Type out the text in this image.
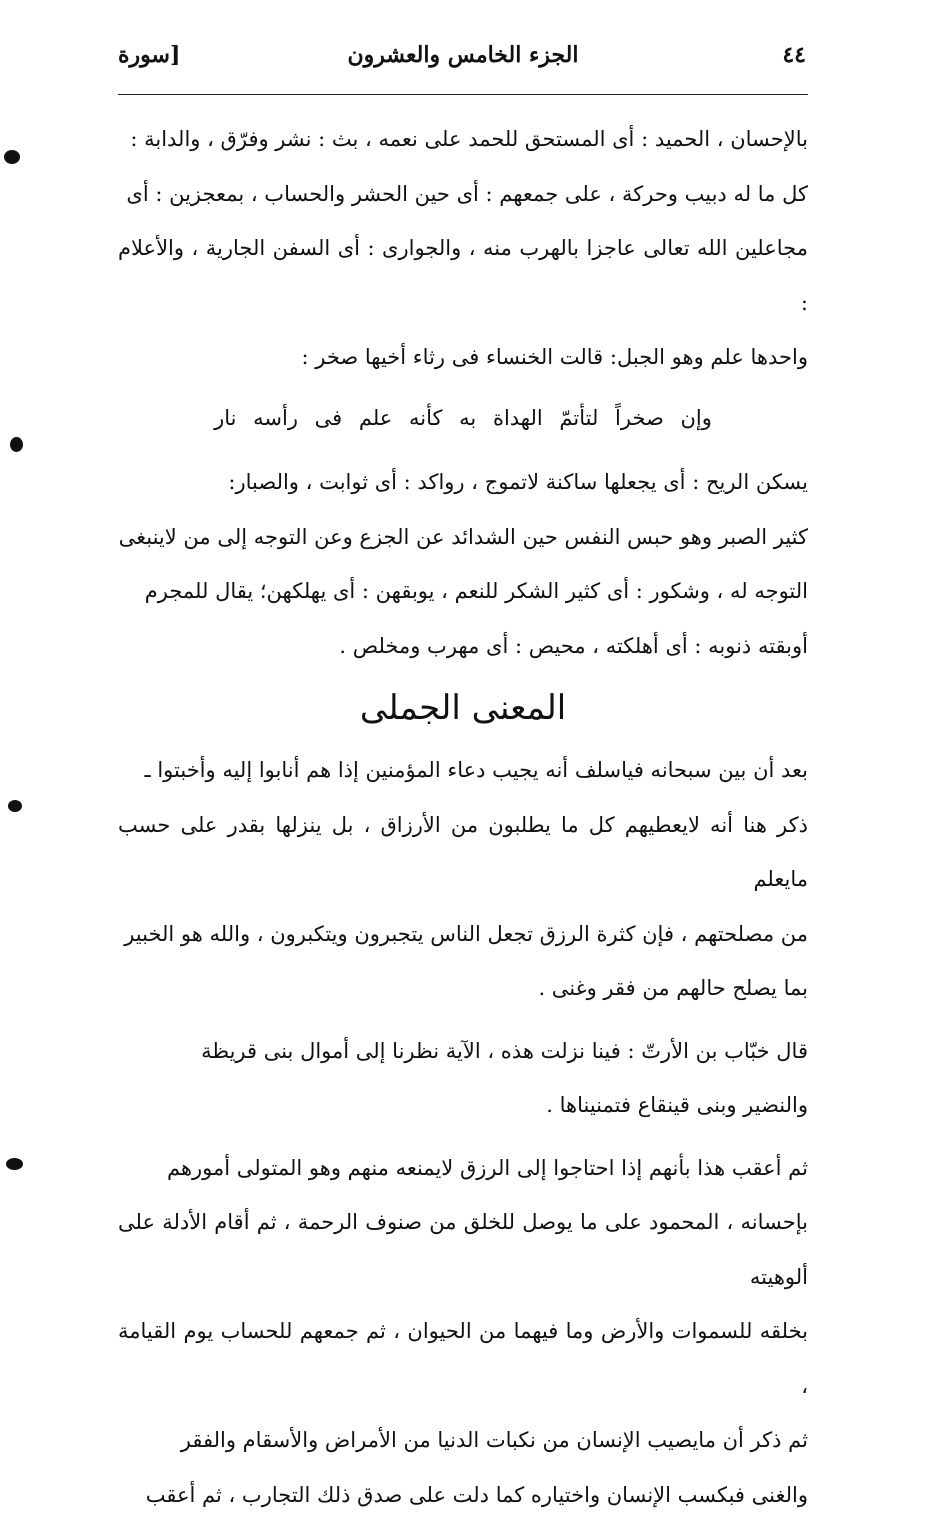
٤٤
الجزء الخامس والعشرون
[سورة

بالإحسان ، الحميد : أى المستحق للحمد على نعمه ، بث : نشر وفرّق ، والدابة :

كل ما له دبيب وحركة ، على جمعهم : أى حين الحشر والحساب ، بمعجزين : أى

مجاعلين الله تعالى عاجزا بالهرب منه ، والجوارى : أى السفن الجارية ، والأعلام :

واحدها علم وهو الجبل: قالت الخنساء فى رثاء أخيها صخر :

وإن صخراً لتأتمّ الهداة به كأنه علم فى رأسه نار

يسكن الريح : أى يجعلها ساكنة لاتموج ، رواكد : أى ثوابت ، والصبار:

كثير الصبر وهو حبس النفس حين الشدائد عن الجزع وعن التوجه إلى من لاينبغى

التوجه له ، وشكور : أى كثير الشكر للنعم ، يوبقهن : أى يهلكهن؛ يقال للمجرم

أوبقته ذنوبه : أى أهلكته ، محيص : أى مهرب ومخلص .

المعنى الجملى

بعد أن بين سبحانه فياسلف أنه يجيب دعاء المؤمنين إذا هم أنابوا إليه وأخبتوا ـ

ذكر هنا أنه لايعطيهم كل ما يطلبون من الأرزاق ، بل ينزلها بقدر على حسب مايعلم

من مصلحتهم ، فإن كثرة الرزق تجعل الناس يتجبرون ويتكبرون ، والله هو الخبير

بما يصلح حالهم من فقر وغنى .

قال خبّاب بن الأرتّ : فينا نزلت هذه ، الآية نظرنا إلى أموال بنى قريظة

والنضير وبنى قينقاع فتمنيناها .

ثم أعقب هذا بأنهم إذا احتاجوا إلى الرزق لايمنعه منهم وهو المتولى أمورهم

بإحسانه ، المحمود على ما يوصل للخلق من صنوف الرحمة ، ثم أقام الأدلة على ألوهيته

بخلقه للسموات والأرض وما فيهما من الحيوان ، ثم جمعهم للحساب يوم القيامة ،

ثم ذكر أن مايصيب الإنسان من نكبات الدنيا من الأمراض والأسقام والفقر

والغنى فبكسب الإنسان واختياره كما دلت على صدق ذلك التجارب ، ثم أعقب
